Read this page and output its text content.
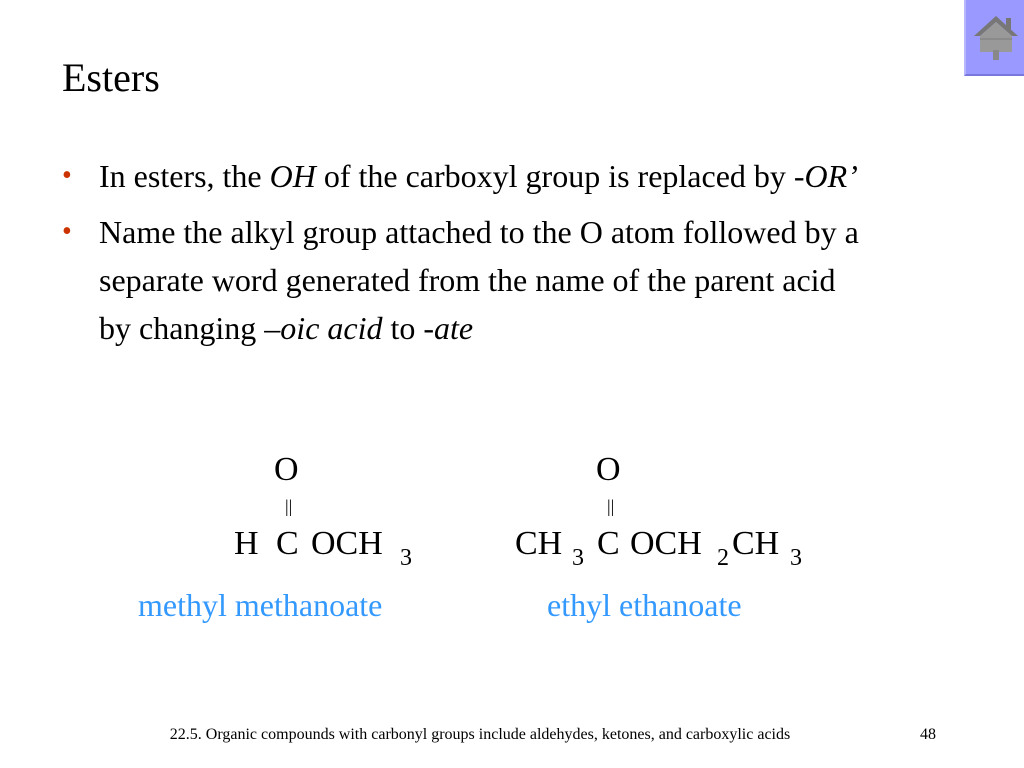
Esters
• In esters, the OH of the carboxyl group is replaced by -OR’
• Name the alkyl group attached to the O atom followed by a separate word generated from the name of the parent acid by changing –oic acid to -ate
O
||
H C OCH 3
methyl methanoate
O
||
CH 3 C OCH 2 CH 3
ethyl ethanoate
22.5. Organic compounds with carbonyl groups include aldehydes, ketones, and carboxylic acids	48
